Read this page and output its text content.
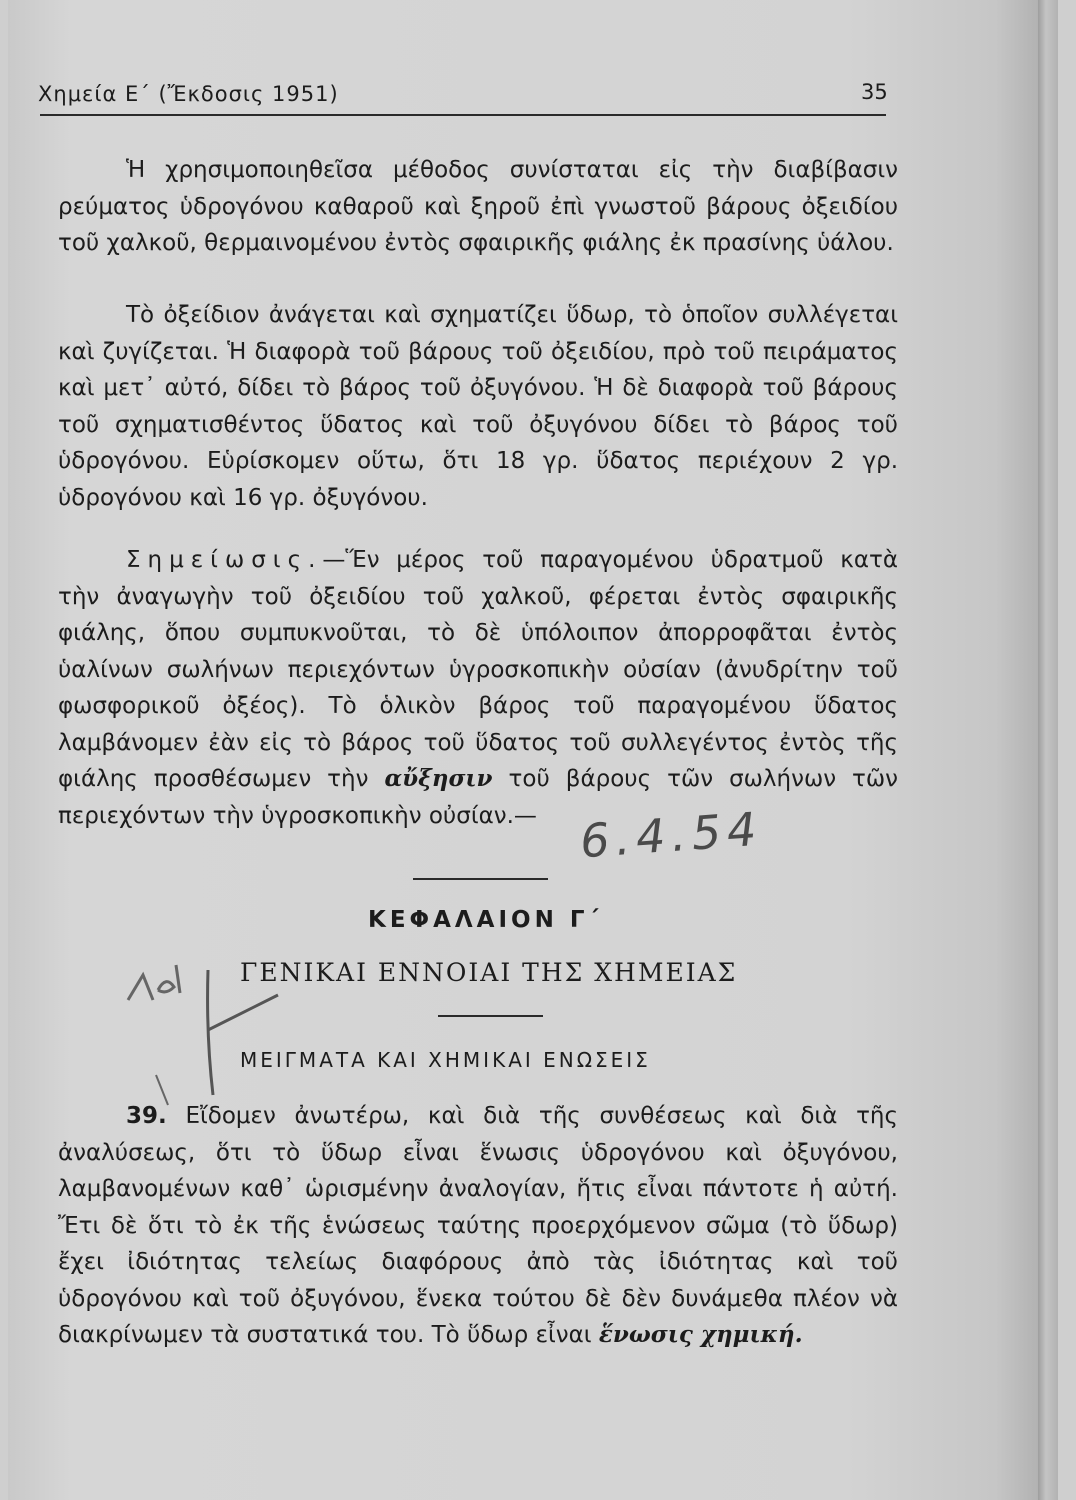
Χημεία Ε΄ (Ἔκδοσις 1951)	35

Ἡ χρησιμοποιηθεῖσα μέθοδος συνίσταται εἰς τὴν διαβίβασιν ρεύματος ὑδρογόνου καθαροῦ καὶ ξηροῦ ἐπὶ γνωστοῦ βάρους ὀξειδίου τοῦ χαλκοῦ, θερμαινομένου ἐντὸς σφαιρικῆς φιάλης ἐκ πρασίνης ὑάλου.

Τὸ ὀξείδιον ἀνάγεται καὶ σχηματίζει ὕδωρ, τὸ ὁποῖον συλλέγεται καὶ ζυγίζεται. Ἡ διαφορὰ τοῦ βάρους τοῦ ὀξειδίου, πρὸ τοῦ πειράματος καὶ μετ᾿ αὐτό, δίδει τὸ βάρος τοῦ ὀξυγόνου. Ἡ δὲ διαφορὰ τοῦ βάρους τοῦ σχηματισθέντος ὕδατος καὶ τοῦ ὀξυγόνου δίδει τὸ βάρος τοῦ ὑδρογόνου. Εὑρίσκομεν οὕτω, ὅτι 18 γρ. ὕδατος περιέχουν 2 γρ. ὑδρογόνου καὶ 16 γρ. ὀξυγόνου.

Σημείωσις.—Ἕν μέρος τοῦ παραγομένου ὑδρατμοῦ κατὰ τὴν ἀναγωγὴν τοῦ ὀξειδίου τοῦ χαλκοῦ, φέρεται ἐντὸς σφαιρικῆς φιάλης, ὅπου συμπυκνοῦται, τὸ δὲ ὑπόλοιπον ἀπορροφᾶται ἐντὸς ὑαλίνων σωλήνων περιεχόντων ὑγροσκοπικὴν οὐσίαν (ἀνυδρίτην τοῦ φωσφορικοῦ ὀξέος). Τὸ ὁλικὸν βάρος τοῦ παραγομένου ὕδατος λαμβάνομεν ἐὰν εἰς τὸ βάρος τοῦ ὕδατος τοῦ συλλεγέντος ἐντὸς τῆς φιάλης προσθέσωμεν τὴν αὔξησιν τοῦ βάρους τῶν σωλήνων τῶν περιεχόντων τὴν ὑγροσκοπικὴν οὐσίαν.— 6.4.54
ΚΕΦΑΛΑΙΟΝ Γ΄
ΓΕΝΙΚΑΙ ΕΝΝΟΙΑΙ ΤΗΣ ΧΗΜΕΙΑΣ
ΜΕΙΓΜΑΤΑ ΚΑΙ ΧΗΜΙΚΑΙ ΕΝΩΣΕΙΣ

39. Εἴδομεν ἀνωτέρω, καὶ διὰ τῆς συνθέσεως καὶ διὰ τῆς ἀναλύσεως, ὅτι τὸ ὕδωρ εἶναι ἕνωσις ὑδρογόνου καὶ ὀξυγόνου, λαμβανομένων καθ᾿ ὡρισμένην ἀναλογίαν, ἥτις εἶναι πάντοτε ἡ αὐτή. Ἔτι δὲ ὅτι τὸ ἐκ τῆς ἑνώσεως ταύτης προερχόμενον σῶμα (τὸ ὕδωρ) ἔχει ἰδιότητας τελείως διαφόρους ἀπὸ τὰς ἰδιότητας καὶ τοῦ ὑδρογόνου καὶ τοῦ ὀξυγόνου, ἕνεκα τούτου δὲ δὲν δυνάμεθα πλέον νὰ διακρίνωμεν τὰ συστατικά του. Τὸ ὕδωρ εἶναι ἕνωσις χημική.
